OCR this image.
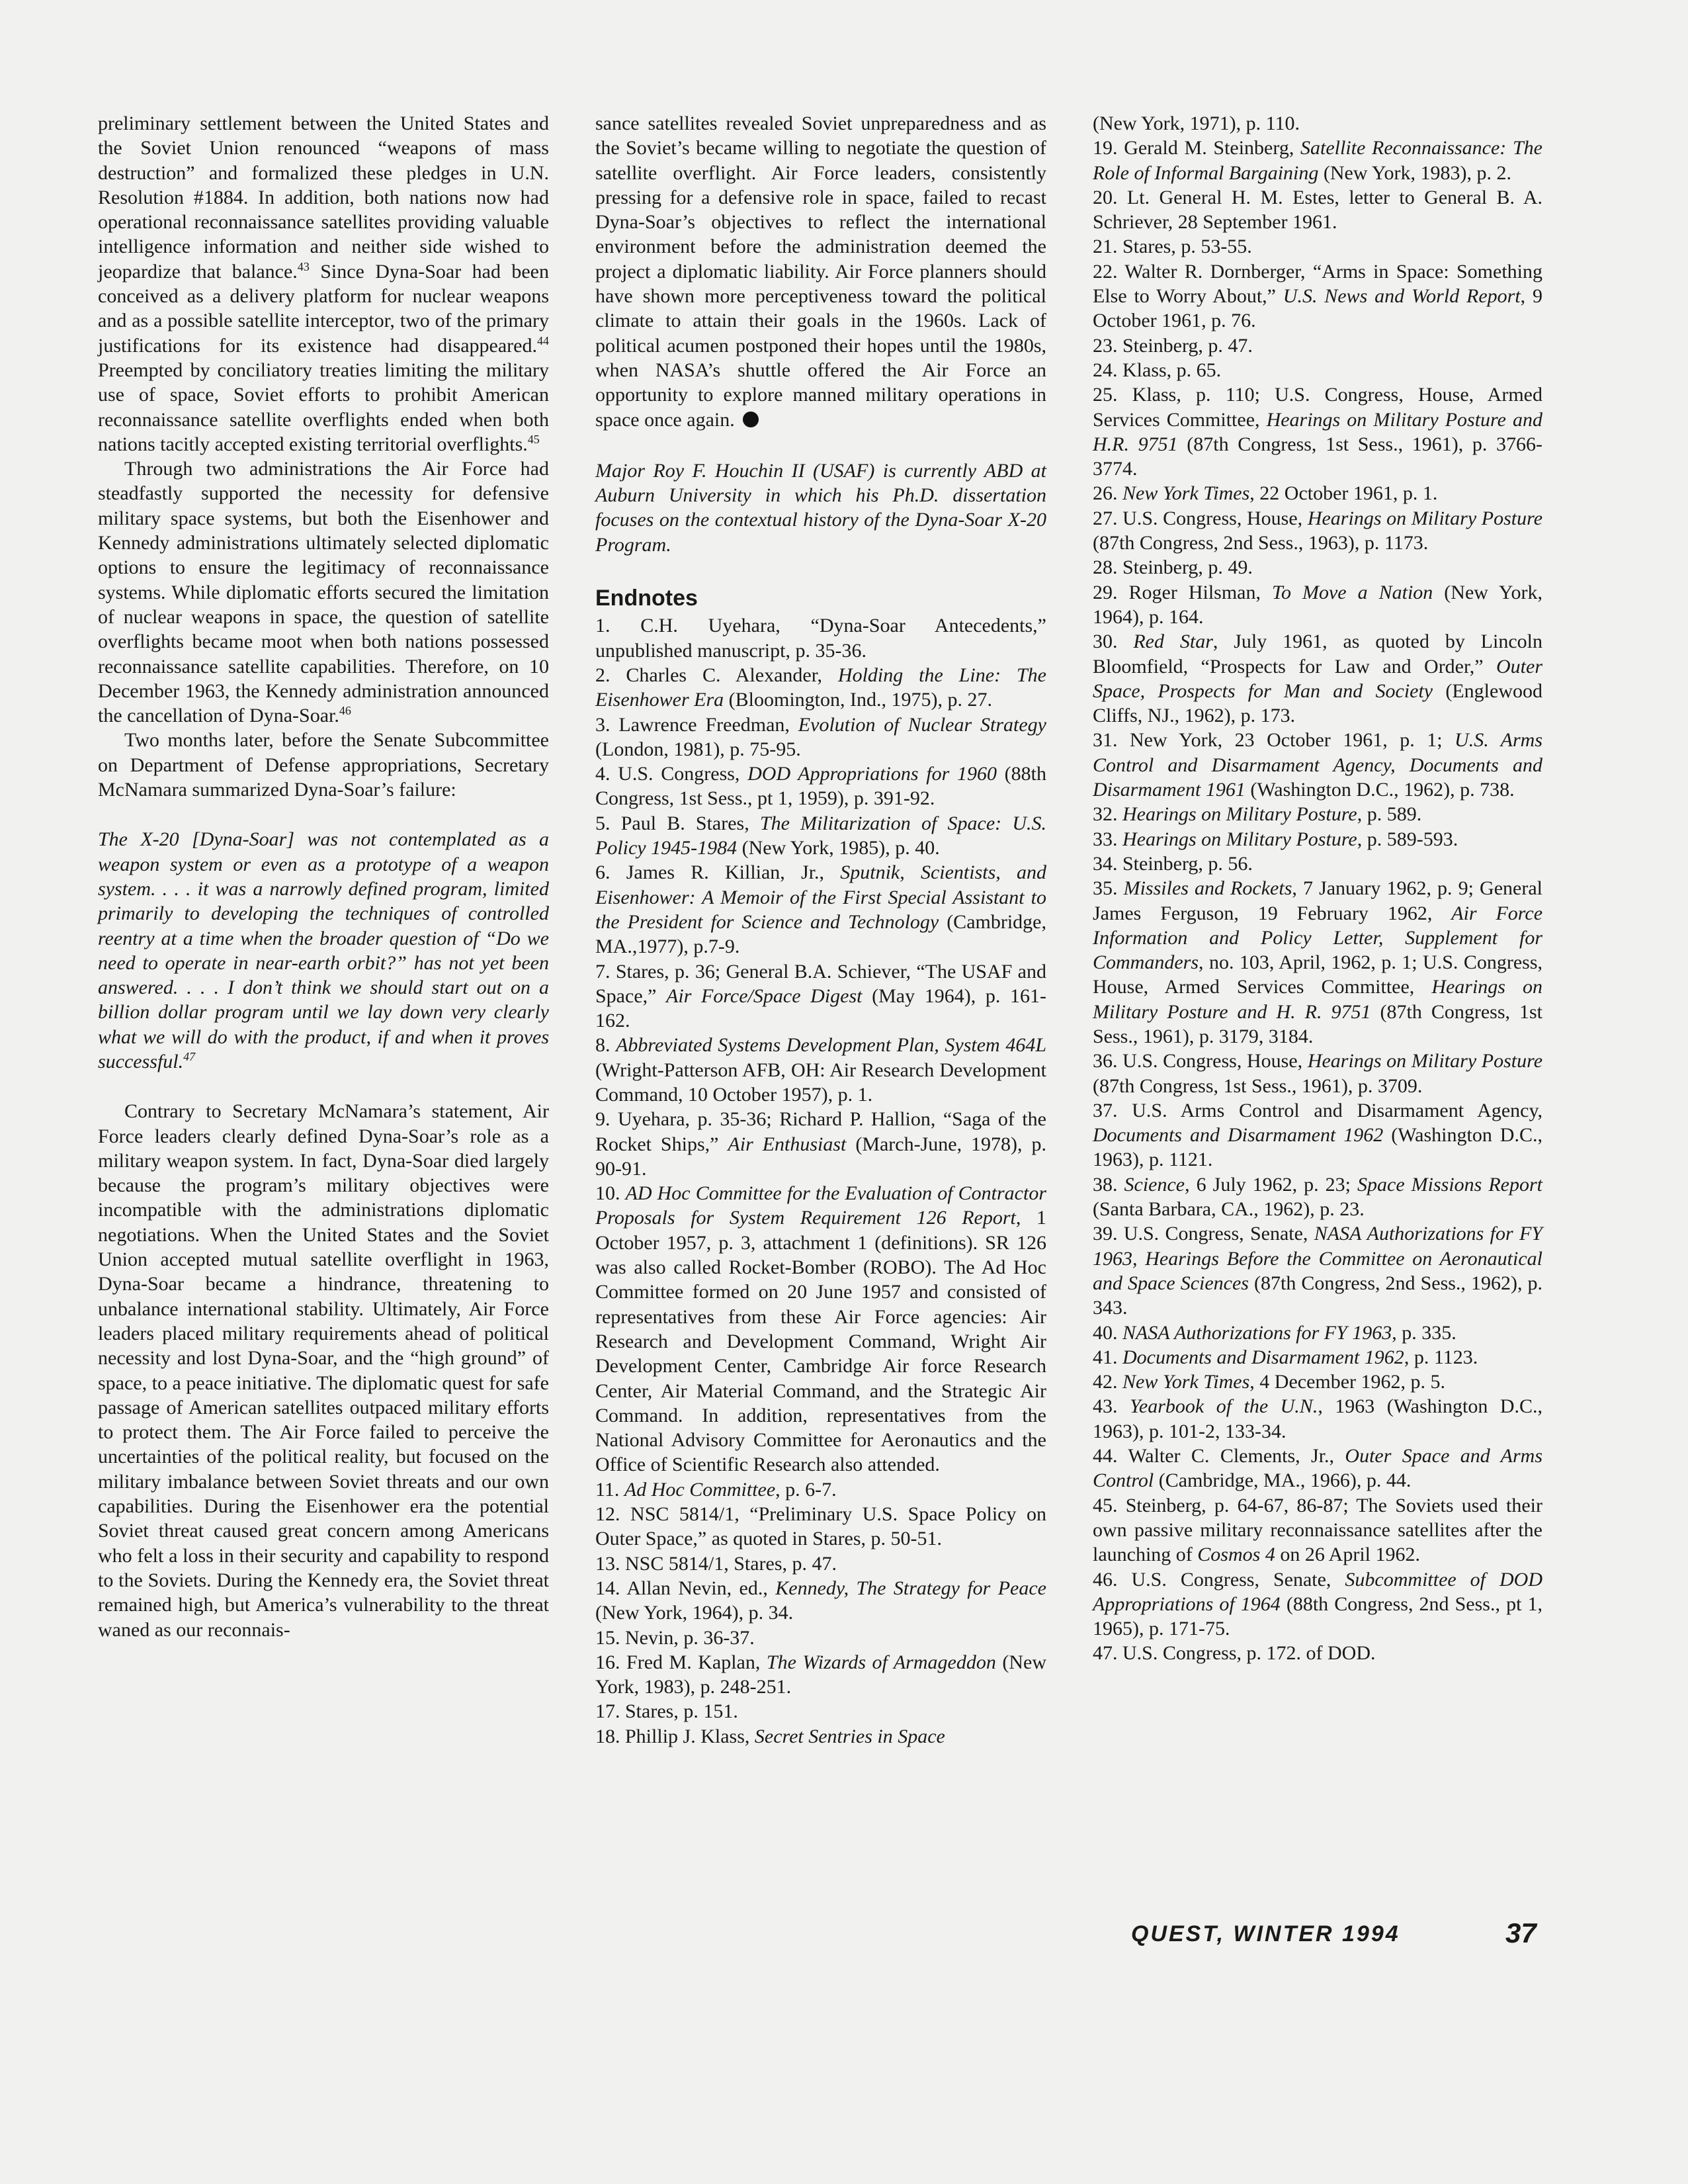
preliminary settlement between the United States and the Soviet Union renounced “weapons of mass destruction” and formalized these pledges in U.N. Resolution #1884. In addition, both nations now had operational reconnaissance satellites providing valuable intelligence information and neither side wished to jeopardize that balance.$^{43}$ Since Dyna-Soar had been conceived as a delivery platform for nuclear weapons and as a possible satellite interceptor, two of the primary justifications for its existence had disappeared.$^{44}$ Preempted by conciliatory treaties limiting the military use of space, Soviet efforts to prohibit American reconnaissance satellite overflights ended when both nations tacitly accepted existing territorial overflights.$^{45}$

Through two administrations the Air Force had steadfastly supported the necessity for defensive military space systems, but both the Eisenhower and Kennedy administrations ultimately selected diplomatic options to ensure the legitimacy of reconnaissance systems. While diplomatic efforts secured the limitation of nuclear weapons in space, the question of satellite overflights became moot when both nations possessed reconnaissance satellite capabilities. Therefore, on 10 December 1963, the Kennedy administration announced the cancellation of Dyna-Soar.$^{46}$

Two months later, before the Senate Subcommittee on Department of Defense appropriations, Secretary McNamara summarized Dyna-Soar’s failure:

The X-20 [Dyna-Soar] was not contemplated as a weapon system or even as a prototype of a weapon system. . . . it was a narrowly defined program, limited primarily to developing the techniques of controlled reentry at a time when the broader question of “Do we need to operate in near-earth orbit?” has not yet been answered. . . . I don’t think we should start out on a billion dollar program until we lay down very clearly what we will do with the product, if and when it proves successful.$^{47}$

Contrary to Secretary McNamara’s statement, Air Force leaders clearly defined Dyna-Soar’s role as a military weapon system. In fact, Dyna-Soar died largely because the program’s military objectives were incompatible with the administrations diplomatic negotiations. When the United States and the Soviet Union accepted mutual satellite overflight in 1963, Dyna-Soar became a hindrance, threatening to unbalance international stability. Ultimately, Air Force leaders placed military requirements ahead of political necessity and lost Dyna-Soar, and the “high ground” of space, to a peace initiative. The diplomatic quest for safe passage of American satellites outpaced military efforts to protect them. The Air Force failed to perceive the uncertainties of the political reality, but focused on the military imbalance between Soviet threats and our own capabilities. During the Eisenhower era the potential Soviet threat caused great concern among Americans who felt a loss in their security and capability to respond to the Soviets. During the Kennedy era, the Soviet threat remained high, but America’s vulnerability to the threat waned as our reconnais-

sance satellites revealed Soviet unpreparedness and as the Soviet’s became willing to negotiate the question of satellite overflight. Air Force leaders, consistently pressing for a defensive role in space, failed to recast Dyna-Soar’s objectives to reflect the international environment before the administration deemed the project a diplomatic liability. Air Force planners should have shown more perceptiveness toward the political climate to attain their goals in the 1960s. Lack of political acumen postponed their hopes until the 1980s, when NASA’s shuttle offered the Air Force an opportunity to explore manned military operations in space once again.

Major Roy F. Houchin II (USAF) is currently ABD at Auburn University in which his Ph.D. dissertation focuses on the contextual history of the Dyna-Soar X-20 Program.

Endnotes

1. C.H. Uyehara, “Dyna-Soar Antecedents,” unpublished manuscript, p. 35-36.

2. Charles C. Alexander, Holding the Line: The Eisenhower Era (Bloomington, Ind., 1975), p. 27.

3. Lawrence Freedman, Evolution of Nuclear Strategy (London, 1981), p. 75-95.

4. U.S. Congress, DOD Appropriations for 1960 (88th Congress, 1st Sess., pt 1, 1959), p. 391-92.

5. Paul B. Stares, The Militarization of Space: U.S. Policy 1945-1984 (New York, 1985), p. 40.

6. James R. Killian, Jr., Sputnik, Scientists, and Eisenhower: A Memoir of the First Special Assistant to the President for Science and Technology (Cambridge, MA.,1977), p.7-9.

7. Stares, p. 36; General B.A. Schiever, “The USAF and Space,” Air Force/Space Digest (May 1964), p. 161-162.

8. Abbreviated Systems Development Plan, System 464L (Wright-Patterson AFB, OH: Air Research Development Command, 10 October 1957), p. 1.

9. Uyehara, p. 35-36; Richard P. Hallion, “Saga of the Rocket Ships,” Air Enthusiast (March-June, 1978), p. 90-91.

10. AD Hoc Committee for the Evaluation of Contractor Proposals for System Requirement 126 Report, 1 October 1957, p. 3, attachment 1 (definitions). SR 126 was also called Rocket-Bomber (ROBO). The Ad Hoc Committee formed on 20 June 1957 and consisted of representatives from these Air Force agencies: Air Research and Development Command, Wright Air Development Center, Cambridge Air force Research Center, Air Material Command, and the Strategic Air Command. In addition, representatives from the National Advisory Committee for Aeronautics and the Office of Scientific Research also attended.

11. Ad Hoc Committee, p. 6-7.

12. NSC 5814/1, “Preliminary U.S. Space Policy on Outer Space,” as quoted in Stares, p. 50-51.

13. NSC 5814/1, Stares, p. 47.

14. Allan Nevin, ed., Kennedy, The Strategy for Peace (New York, 1964), p. 34.

15. Nevin, p. 36-37.

16. Fred M. Kaplan, The Wizards of Armageddon (New York, 1983), p. 248-251.

17. Stares, p. 151.

18. Phillip J. Klass, Secret Sentries in Space

(New York, 1971), p. 110.

19. Gerald M. Steinberg, Satellite Reconnaissance: The Role of Informal Bargaining (New York, 1983), p. 2.

20. Lt. General H. M. Estes, letter to General B. A. Schriever, 28 September 1961.

21. Stares, p. 53-55.

22. Walter R. Dornberger, “Arms in Space: Something Else to Worry About,” U.S. News and World Report, 9 October 1961, p. 76.

23. Steinberg, p. 47.

24. Klass, p. 65.

25. Klass, p. 110; U.S. Congress, House, Armed Services Committee, Hearings on Military Posture and H.R. 9751 (87th Congress, 1st Sess., 1961), p. 3766-3774.

26. New York Times, 22 October 1961, p. 1.

27. U.S. Congress, House, Hearings on Military Posture (87th Congress, 2nd Sess., 1963), p. 1173.

28. Steinberg, p. 49.

29. Roger Hilsman, To Move a Nation (New York, 1964), p. 164.

30. Red Star, July 1961, as quoted by Lincoln Bloomfield, “Prospects for Law and Order,” Outer Space, Prospects for Man and Society (Englewood Cliffs, NJ., 1962), p. 173.

31. New York, 23 October 1961, p. 1; U.S. Arms Control and Disarmament Agency, Documents and Disarmament 1961 (Washington D.C., 1962), p. 738.

32. Hearings on Military Posture, p. 589.

33. Hearings on Military Posture, p. 589-593.

34. Steinberg, p. 56.

35. Missiles and Rockets, 7 January 1962, p. 9; General James Ferguson, 19 February 1962, Air Force Information and Policy Letter, Supplement for Commanders, no. 103, April, 1962, p. 1; U.S. Congress, House, Armed Services Committee, Hearings on Military Posture and H. R. 9751 (87th Congress, 1st Sess., 1961), p. 3179, 3184.

36. U.S. Congress, House, Hearings on Military Posture (87th Congress, 1st Sess., 1961), p. 3709.

37. U.S. Arms Control and Disarmament Agency, Documents and Disarmament 1962 (Washington D.C., 1963), p. 1121.

38. Science, 6 July 1962, p. 23; Space Missions Report (Santa Barbara, CA., 1962), p. 23.

39. U.S. Congress, Senate, NASA Authorizations for FY 1963, Hearings Before the Committee on Aeronautical and Space Sciences (87th Congress, 2nd Sess., 1962), p. 343.

40. NASA Authorizations for FY 1963, p. 335.

41. Documents and Disarmament 1962, p. 1123.

42. New York Times, 4 December 1962, p. 5.

43. Yearbook of the U.N., 1963 (Washington D.C., 1963), p. 101-2, 133-34.

44. Walter C. Clements, Jr., Outer Space and Arms Control (Cambridge, MA., 1966), p. 44.

45. Steinberg, p. 64-67, 86-87; The Soviets used their own passive military reconnaissance satellites after the launching of Cosmos 4 on 26 April 1962.

46. U.S. Congress, Senate, Subcommittee of DOD Appropriations of 1964 (88th Congress, 2nd Sess., pt 1, 1965), p. 171-75.

47. U.S. Congress, p. 172. of DOD.

QUEST, WINTER 1994	37
